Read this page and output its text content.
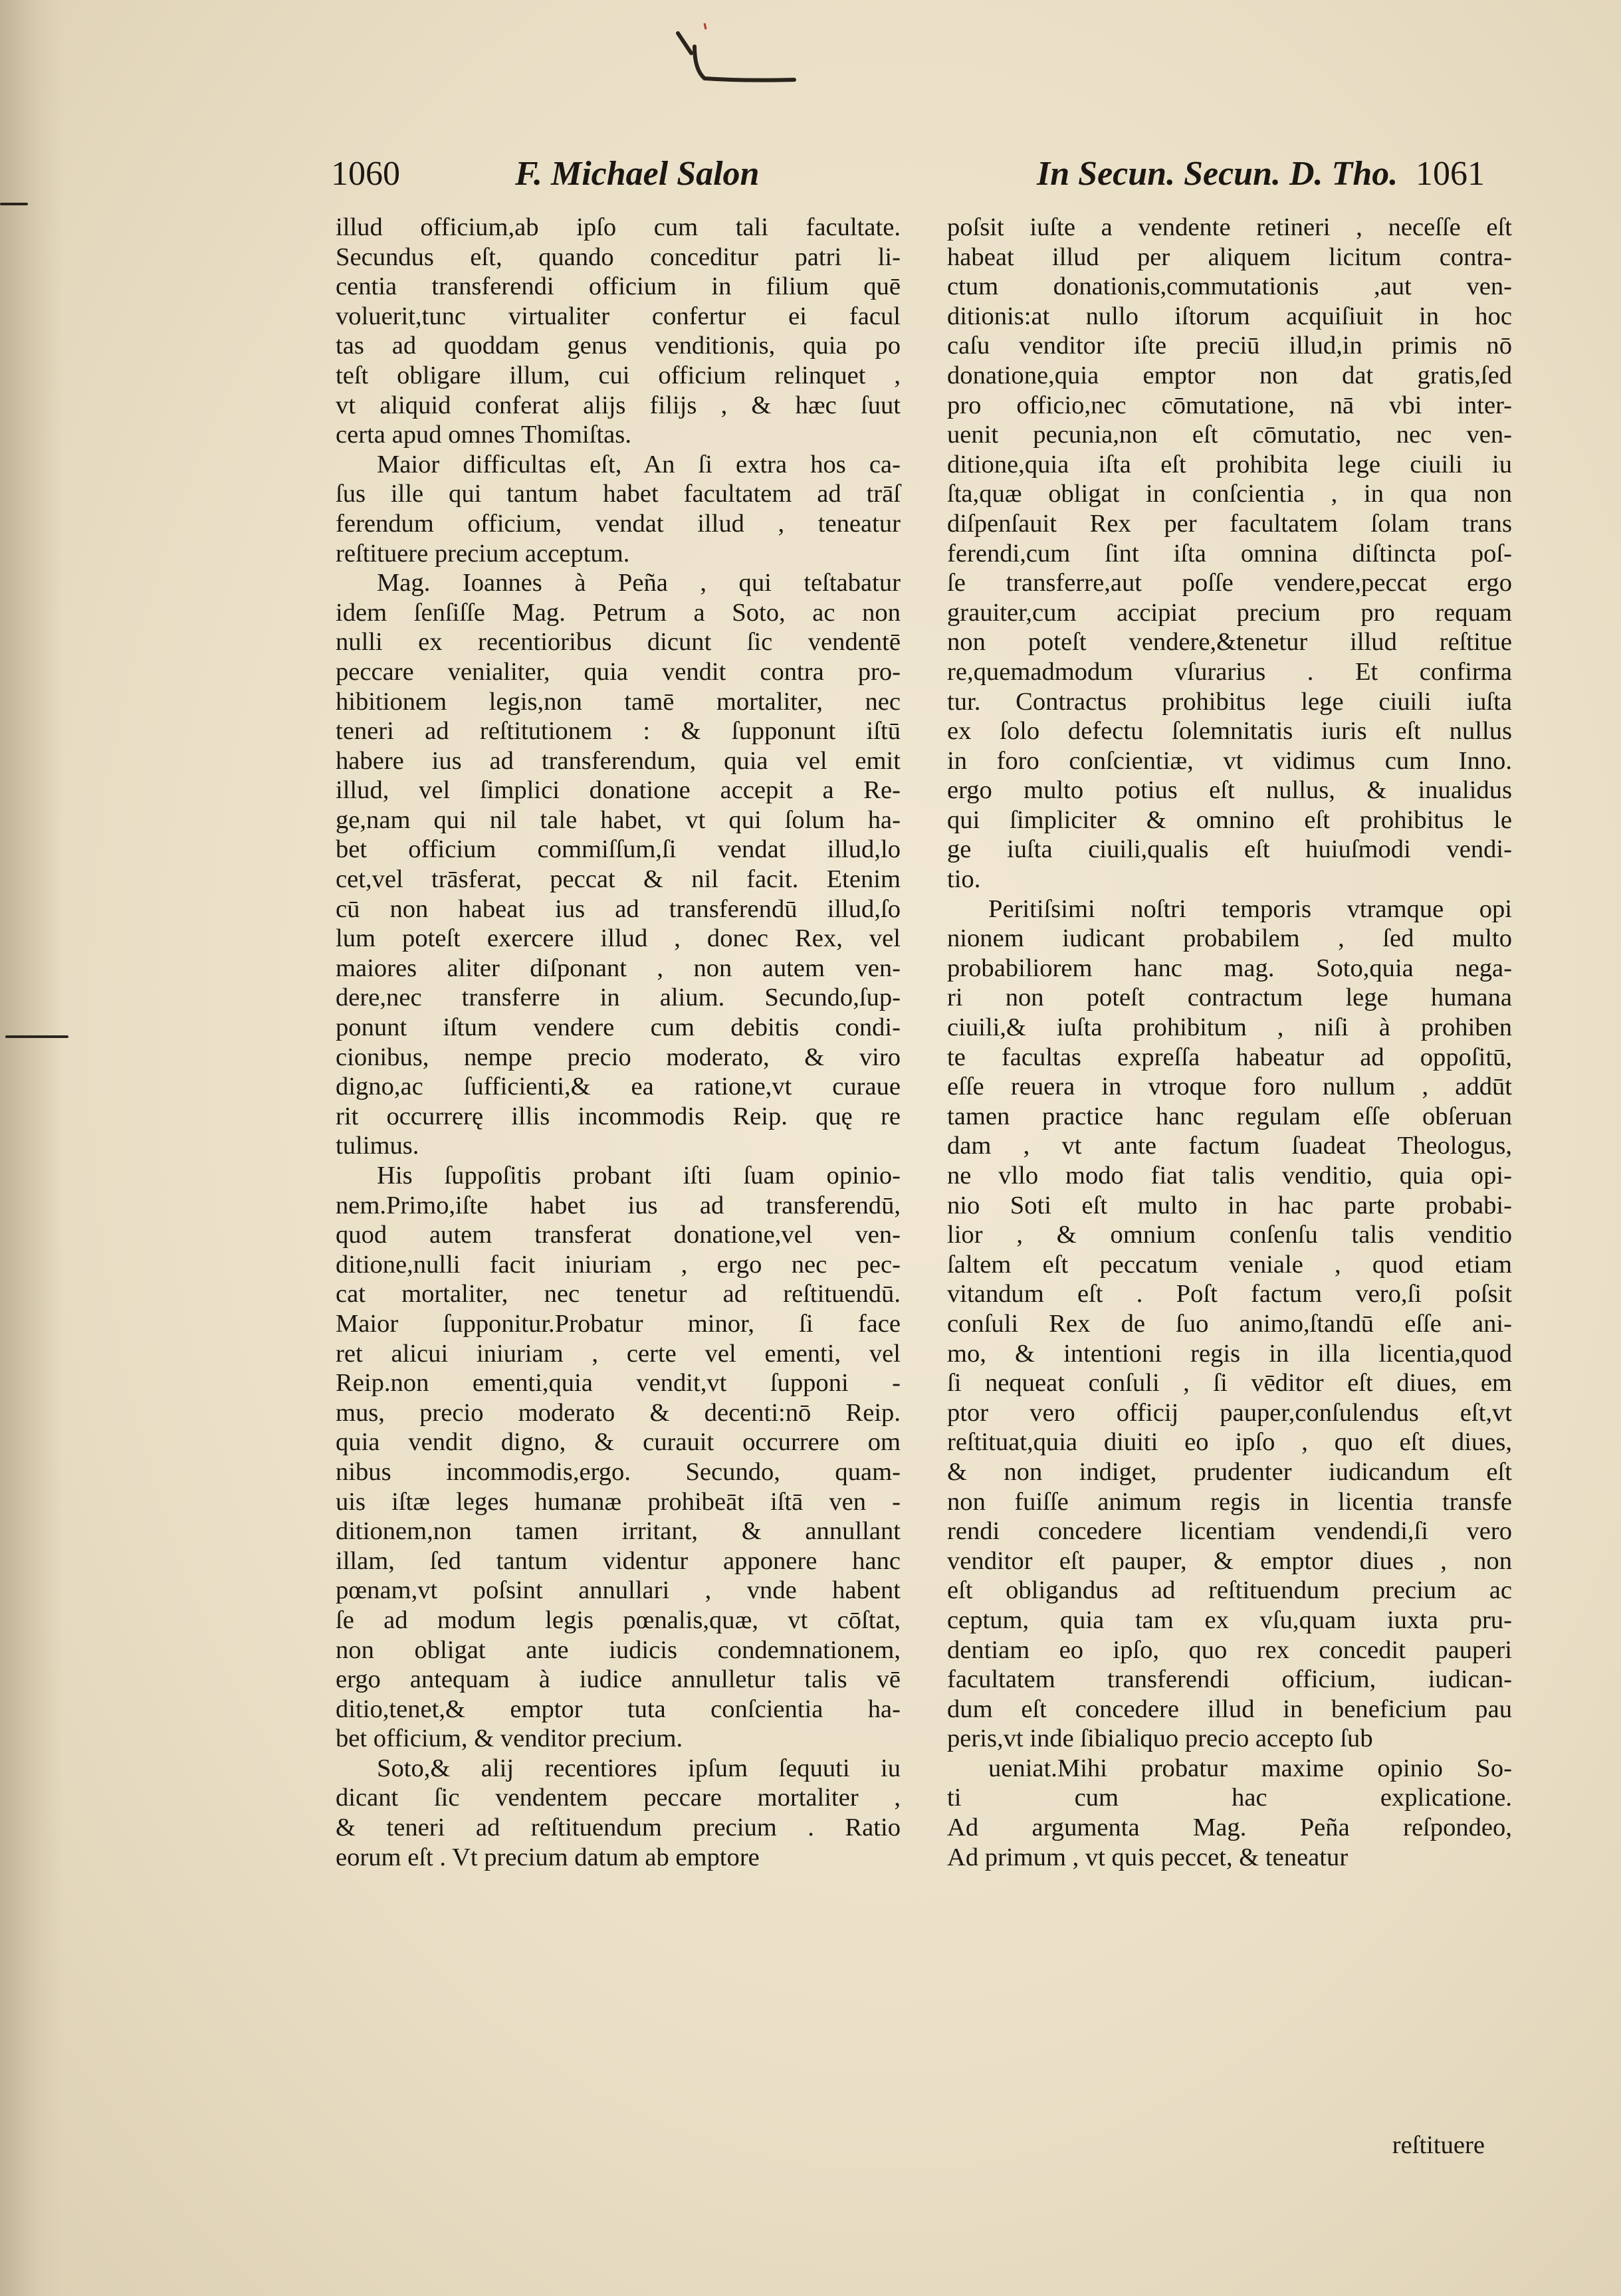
1060	F. Michael Salon	In Secun. Secun. D. Tho. 1061
illud officium,ab ipſo cum tali facultate.
Secundus eſt, quando conceditur patri li-
centia transferendi officium in filium quē
voluerit,tunc virtualiter confertur ei facul
tas ad quoddam genus venditionis, quia po
teſt obligare illum, cui officium relinquet ,
vt aliquid conferat alijs filijs , & hæc ſuut
certa apud omnes Thomiſtas.
Maior difficultas eſt, An ſi extra hos ca-
ſus ille qui tantum habet facultatem ad trāſ
ferendum officium, vendat illud , teneatur
reſtituere precium acceptum.
Mag. Ioannes à Peña , qui teſtabatur
idem ſenſiſſe Mag. Petrum a Soto, ac non
nulli ex recentioribus dicunt ſic vendentē
peccare venialiter, quia vendit contra pro-
hibitionem legis,non tamē mortaliter, nec
teneri ad reſtitutionem : & ſupponunt iſtū
habere ius ad transferendum, quia vel emit
illud, vel ſimplici donatione accepit a Re-
ge,nam qui nil tale habet, vt qui ſolum ha-
bet officium commiſſum,ſi vendat illud,lo
cet,vel trāsferat, peccat & nil facit. Etenim
cū non habeat ius ad transferendū illud,ſo
lum poteſt exercere illud , donec Rex, vel
maiores aliter diſponant , non autem ven-
dere,nec transferre in alium. Secundo,ſup-
ponunt iſtum vendere cum debitis condi-
cionibus, nempe precio moderato, & viro
digno,ac ſufficienti,& ea ratione,vt curaue
rit occurrerę illis incommodis Reip. quę re
tulimus.
His ſuppoſitis probant iſti ſuam opinio-
nem.Primo,iſte habet ius ad transferendū,
quod autem transferat donatione,vel ven-
ditione,nulli facit iniuriam , ergo nec pec-
cat mortaliter, nec tenetur ad reſtituendū.
Maior ſupponitur.Probatur minor, ſi face
ret alicui iniuriam , certe vel ementi, vel
Reip.non ementi,quia vendit,vt ſupponi -
mus, precio moderato & decenti:nō Reip.
quia vendit digno, & curauit occurrere om
nibus incommodis,ergo. Secundo, quam-
uis iſtæ leges humanæ prohibeāt iſtā ven -
ditionem,non tamen irritant, & annullant
illam, ſed tantum videntur apponere hanc
pœnam,vt poſsint annullari , vnde habent
ſe ad modum legis pœnalis,quæ, vt cōſtat,
non obligat ante iudicis condemnationem,
ergo antequam à iudice annulletur talis vē
ditio,tenet,& emptor tuta conſcientia ha-
bet officium, & venditor precium.
Soto,& alij recentiores ipſum ſequuti iu
dicant ſic vendentem peccare mortaliter ,
& teneri ad reſtituendum precium . Ratio
eorum eſt . Vt precium datum ab emptore
poſsit iuſte a vendente retineri , neceſſe eſt
habeat illud per aliquem licitum contra-
ctum donationis,commutationis ,aut ven-
ditionis:at nullo iſtorum acquiſiuit in hoc
caſu venditor iſte preciū illud,in primis nō
donatione,quia emptor non dat gratis,ſed
pro officio,nec cōmutatione, nā vbi inter-
uenit pecunia,non eſt cōmutatio, nec ven-
ditione,quia iſta eſt prohibita lege ciuili iu
ſta,quæ obligat in conſcientia , in qua non
diſpenſauit Rex per facultatem ſolam trans
ferendi,cum ſint iſta omnina diſtincta poſ-
ſe transferre,aut poſſe vendere,peccat ergo
grauiter,cum accipiat precium pro requam
non poteſt vendere,&tenetur illud reſtitue
re,quemadmodum vſurarius . Et confirma
tur. Contractus prohibitus lege ciuili iuſta
ex ſolo defectu ſolemnitatis iuris eſt nullus
in foro conſcientiæ, vt vidimus cum Inno.
ergo multo potius eſt nullus, & inualidus
qui ſimpliciter & omnino eſt prohibitus le
ge iuſta ciuili,qualis eſt huiuſmodi vendi-
tio.
Peritiſsimi noſtri temporis vtramque opi
nionem iudicant probabilem , ſed multo
probabiliorem hanc mag. Soto,quia nega-
ri non poteſt contractum lege humana
ciuili,& iuſta prohibitum , niſi à prohiben
te facultas expreſſa habeatur ad oppoſitū,
eſſe reuera in vtroque foro nullum , addūt
tamen practice hanc regulam eſſe obſeruan
dam , vt ante factum ſuadeat Theologus,
ne vllo modo fiat talis venditio, quia opi-
nio Soti eſt multo in hac parte probabi-
lior , & omnium conſenſu talis venditio
ſaltem eſt peccatum veniale , quod etiam
vitandum eſt . Poſt factum vero,ſi poſsit
conſuli Rex de ſuo animo,ſtandū eſſe ani-
mo, & intentioni regis in illa licentia,quod
ſi nequeat conſuli , ſi vēditor eſt diues, em
ptor vero officij pauper,conſulendus eſt,vt
reſtituat,quia diuiti eo ipſo , quo eſt diues,
& non indiget, prudenter iudicandum eſt
non fuiſſe animum regis in licentia transfe
rendi concedere licentiam vendendi,ſi vero
venditor eſt pauper, & emptor diues , non
eſt obligandus ad reſtituendum precium ac
ceptum, quia tam ex vſu,quam iuxta pru-
dentiam eo ipſo, quo rex concedit pauperi
facultatem transferendi officium, iudican-
dum eſt concedere illud in beneficium pau
peris,vt inde ſibialiquo precio accepto ſub
ueniat.Mihi probatur maxime opinio So-
ti cum hac explicatione.
Ad argumenta Mag. Peña reſpondeo,
Ad primum , vt quis peccet, & teneatur
reſtituere
